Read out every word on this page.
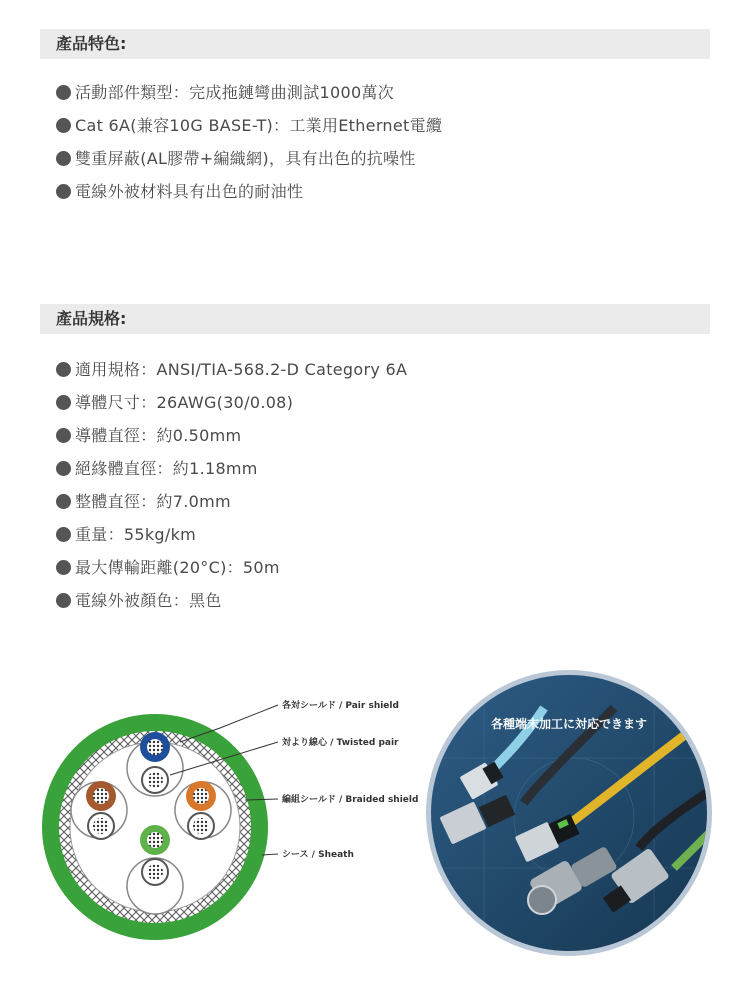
產品特色:
活動部件類型：完成拖鏈彎曲測試1000萬次
Cat 6A(兼容10G BASE-T)：工業用Ethernet電纜
雙重屏蔽(AL膠帶+編織網)，具有出色的抗噪性
電線外被材料具有出色的耐油性
產品規格:
適用規格：ANSI/TIA-568.2-D Category 6A
導體尺寸：26AWG(30/0.08)
導體直徑：約0.50mm
絕緣體直徑：約1.18mm
整體直徑：約7.0mm
重量：55kg/km
最大傳輸距離(20°C)：50m
電線外被顏色：黑色
各対シールド / Pair shield
対より線心 / Twisted pair
編組シールド / Braided shield
シース / Sheath
各種端末加工に対応できます
